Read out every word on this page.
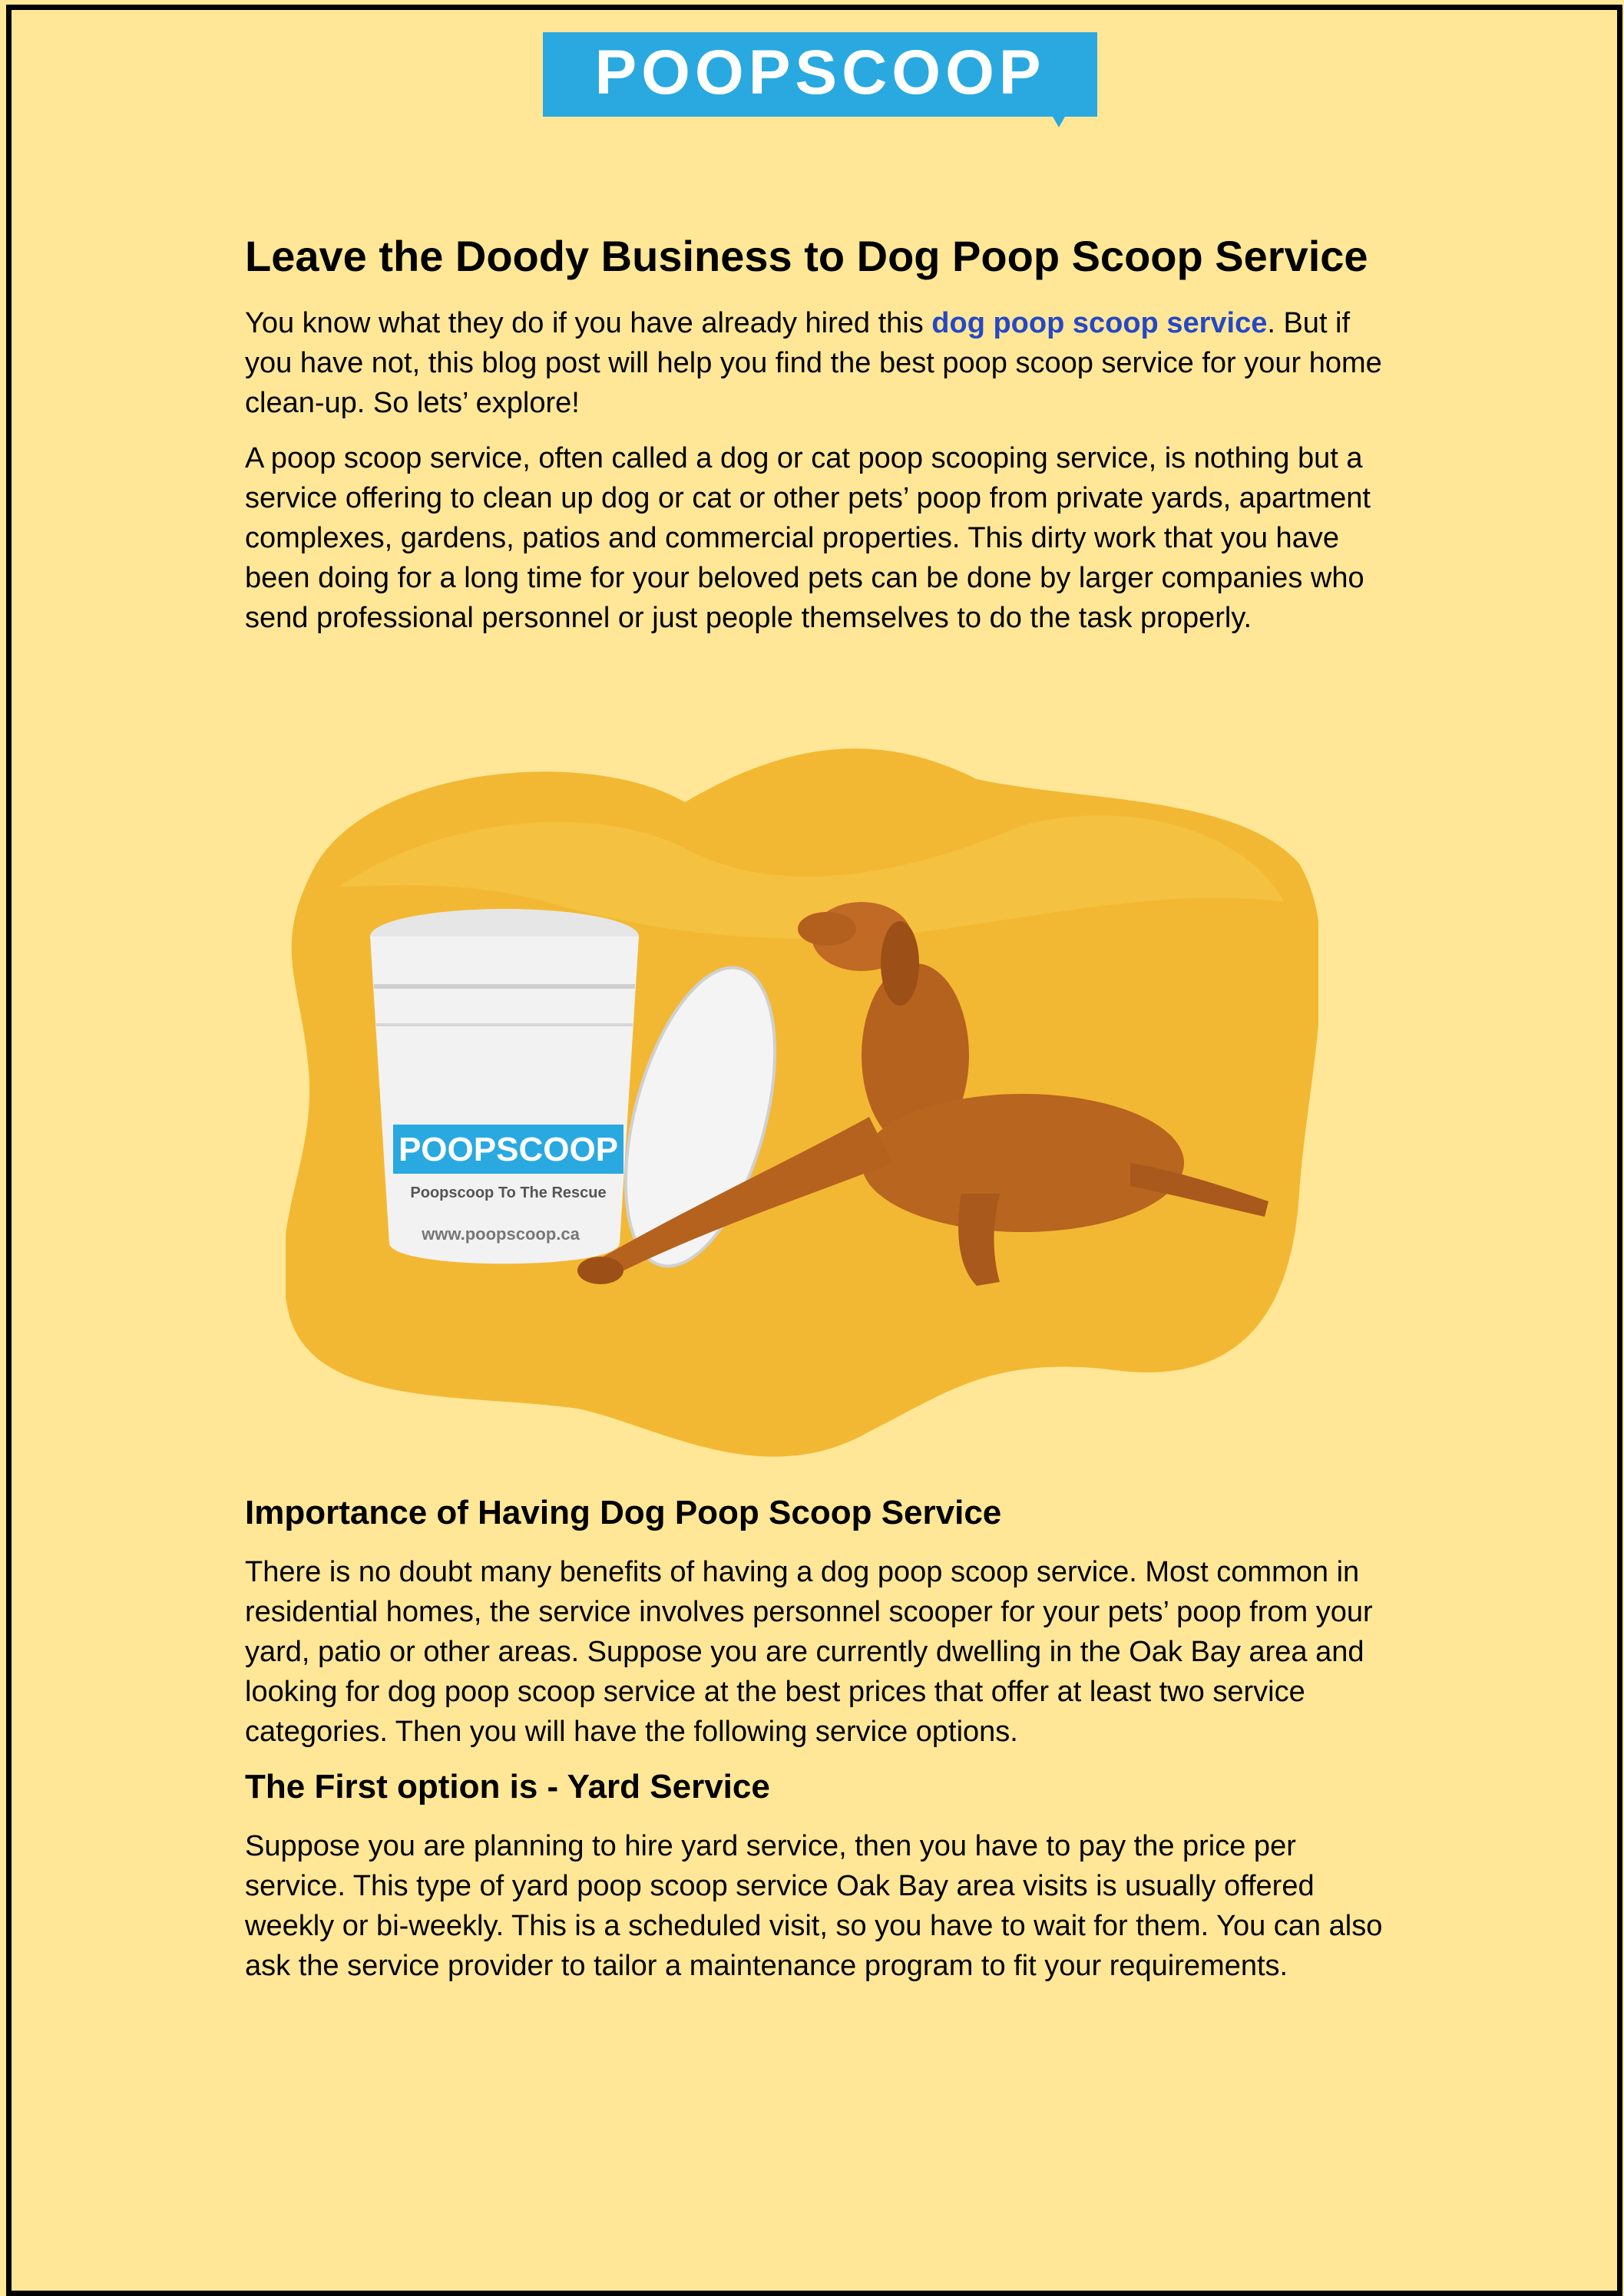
POOPSCOOP
Leave the Doody Business to Dog Poop Scoop Service

You know what they do if you have already hired this dog poop scoop service. But if you have not, this blog post will help you find the best poop scoop service for your home clean-up. So lets’ explore!

A poop scoop service, often called a dog or cat poop scooping service, is nothing but a service offering to clean up dog or cat or other pets’ poop from private yards, apartment complexes, gardens, patios and commercial properties. This dirty work that you have been doing for a long time for your beloved pets can be done by larger companies who send professional personnel or just people themselves to do the task properly.

POOPSCOOP
Poopscoop To The Rescue
www.poopscoop.ca
Importance of Having Dog Poop Scoop Service

There is no doubt many benefits of having a dog poop scoop service. Most common in residential homes, the service involves personnel scooper for your pets’ poop from your yard, patio or other areas. Suppose you are currently dwelling in the Oak Bay area and looking for dog poop scoop service at the best prices that offer at least two service categories. Then you will have the following service options.

The First option is - Yard Service

Suppose you are planning to hire yard service, then you have to pay the price per service. This type of yard poop scoop service Oak Bay area visits is usually offered weekly or bi-weekly. This is a scheduled visit, so you have to wait for them. You can also ask the service provider to tailor a maintenance program to fit your requirements.
